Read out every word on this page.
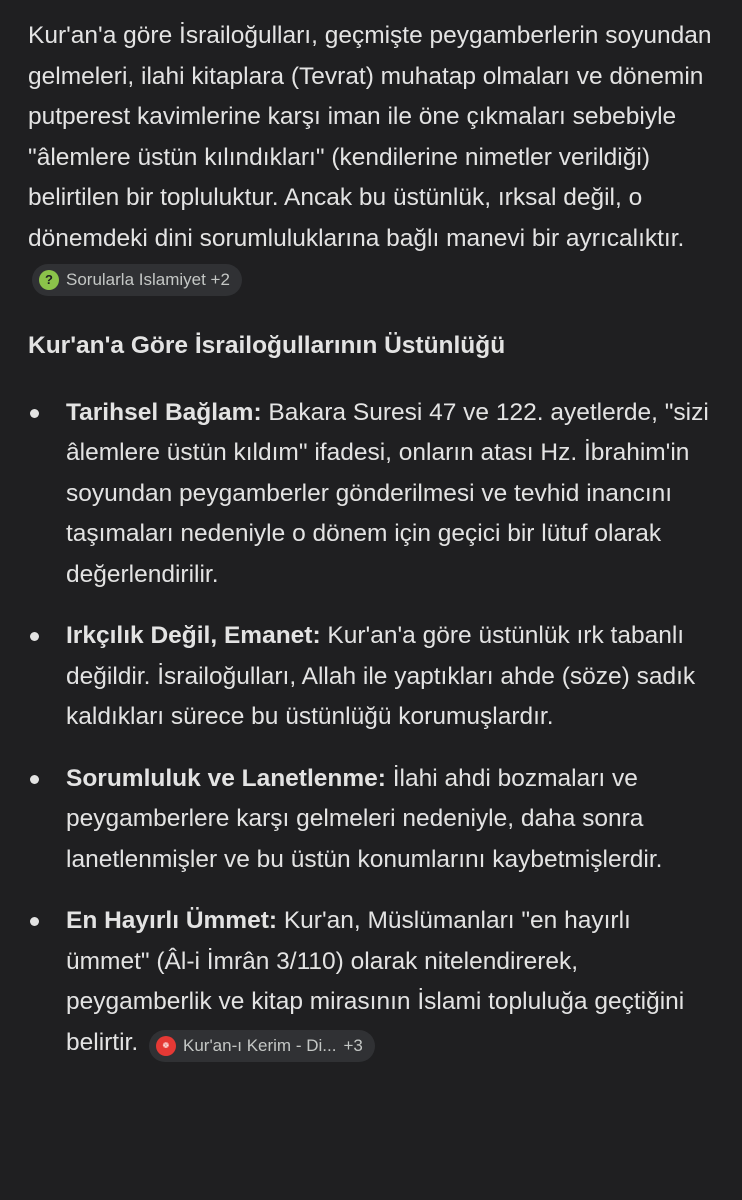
Kur'an'a göre İsrailoğulları, geçmişte peygamberlerin soyundan gelmeleri, ilahi kitaplara (Tevrat) muhatap olmaları ve dönemin putperest kavimlerine karşı iman ile öne çıkmaları sebebiyle "âlemlere üstün kılındıkları" (kendilerine nimetler verildiği) belirtilen bir topluluktur. Ancak bu üstünlük, ırksal değil, o dönemdeki dini sorumluluklarına bağlı manevi bir ayrıcalıktır.
? Sorularla Islamiyet +2

Kur'an'a Göre İsrailoğullarının Üstünlüğü
Tarihsel Bağlam: Bakara Suresi 47 ve 122. ayetlerde, "sizi âlemlere üstün kıldım" ifadesi, onların atası Hz. İbrahim'in soyundan peygamberler gönderilmesi ve tevhid inancını taşımaları nedeniyle o dönem için geçici bir lütuf olarak değerlendirilir.
Irkçılık Değil, Emanet: Kur'an'a göre üstünlük ırk tabanlı değildir. İsrailoğulları, Allah ile yaptıkları ahde (söze) sadık kaldıkları sürece bu üstünlüğü korumuşlardır.
Sorumluluk ve Lanetlenme: İlahi ahdi bozmaları ve peygamberlere karşı gelmeleri nedeniyle, daha sonra lanetlenmişler ve bu üstün konumlarını kaybetmişlerdir.
En Hayırlı Ümmet: Kur'an, Müslümanları "en hayırlı ümmet" (Âl-i İmrân 3/110) olarak nitelendirerek, peygamberlik ve kitap mirasının İslami topluluğa geçtiğini belirtir.	❁ Kur'an-ı Kerim - Di... +3
